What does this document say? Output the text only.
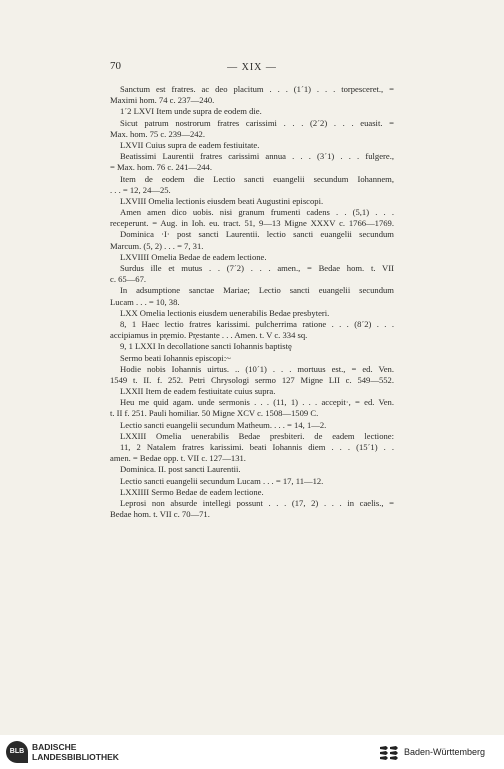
70	— XIX —
Sanctum est fratres. ac deo placitum . . . (1´1) . . . torpesceret., =
Maximi hom. 74 c. 237—240.
1´2 LXVI Item unde supra de eodem die.
Sicut patrum nostrorum fratres carissimi . . . (2´2) . . . euasit. =
Max. hom. 75 c. 239—242.
LXVII Cuius supra de eadem festiuitate.
Beatissimi Laurentii fratres carissimi annua . . . (3´1) . . . fulgere.,
= Max. hom. 76 c. 241—244.
Item de eodem die Lectio sancti euangelii secundum Iohannem,
. . . = 12, 24—25.
LXVIII Omelia lectionis eiusdem beati Augustini episcopi.
Amen amen dico uobis. nisi granum frumenti cadens . . (5,1) . . .
receperunt. = Aug. in Ioh. eu. tract. 51, 9—13 Migne XXXV c. 1766—1769.
Dominica ·I· post sancti Laurentii. lectio sancti euangelii secundum
Marcum. (5, 2) . . . = 7, 31.
LXVIIII Omelia Bedae de eadem lectione.
Surdus ille et mutus . . (7´2) . . . amen., = Bedae hom. t. VII
c. 65—67.
In adsumptione sanctae Mariae; Lectio sancti euangelii secundum
Lucam . . . = 10, 38.
LXX Omelia lectionis eiusdem uenerabilis Bedae presbyteri.
8, 1 Haec lectio fratres karissimi. pulcherrima ratione . . . (8´2) . . .
accipiamus in pr̨emio. Pr̨estante . . . Amen. t. V c. 334 sq.
9, 1 LXXI In decollatione sancti Iohannis baptistȩ
Sermo beati Iohannis episcopi:~
Hodie nobis Iohannis uirtus. .. (10´1) . . . mortuus est., = ed. Ven.
1549 t. II. f. 252. Petri Chrysologi sermo 127 Migne LII c. 549—552.
LXXII Item de eadem festiuitate cuius supra.
Heu me quid agam. unde sermonis . . . (11, 1) . . . accepit·, = ed. Ven.
t. II f. 251. Pauli homiliar. 50 Migne XCV c. 1508—1509 C.
Lectio sancti euangelii secundum Matheum. . . . = 14, 1—2.
LXXIII Omelia uenerabilis Bedae presbiteri. de eadem lectione:
11, 2 Natalem fratres karissimi. beati Iohannis diem . . . (15´1) . .
amen. = Bedae opp. t. VII c. 127—131.
Dominica. II. post sancti Laurentii.
Lectio sancti euangelii secundum Lucam . . . = 17, 11—12.
LXXIIII Sermo Bedae de eadem lectione.
Leprosi non absurde intellegi possunt . . . (17, 2) . . . in caelis., =
Bedae hom. t. VII c. 70—71.
BLB BADISCHE
LANDESBIBLIOTHEK	Baden-Württemberg
